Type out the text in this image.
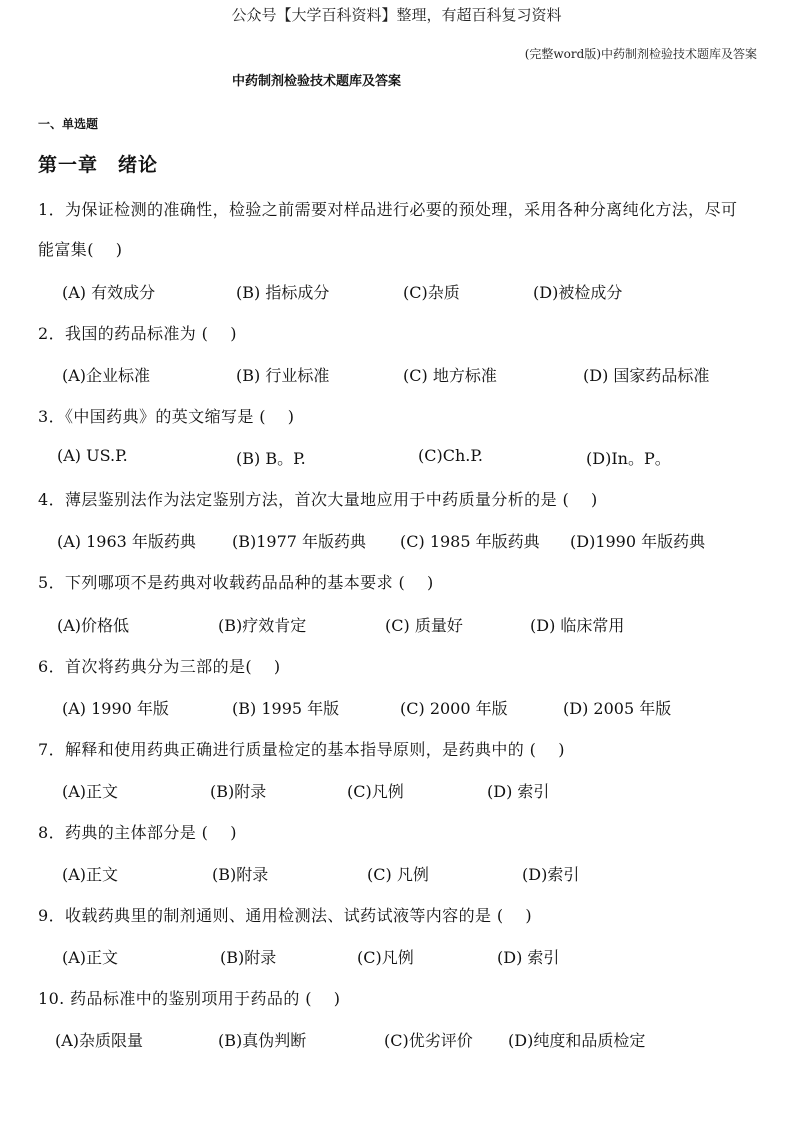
公众号【大学百科资料】整理，有超百科复习资料
(完整word版)中药制剂检验技术题库及答案
中药制剂检验技术题库及答案
一、单选题
第一章　绪论
1．为保证检测的准确性，检验之前需要对样品进行必要的预处理，采用各种分离纯化方法，尽可
能富集(　 )
(A) 有效成分	(B) 指标成分	(C)杂质	(D)被检成分
2．我国的药品标准为 (　 )
(A)企业标准	(B) 行业标准	(C) 地方标准	(D) 国家药品标准
3．《中国药典》的英文缩写是 (　 )
(A) US.P.	(B) B。P.	(C)Ch.P.	(D)In。P。
4．薄层鉴别法作为法定鉴别方法，首次大量地应用于中药质量分析的是 (　 )
(A) 1963 年版药典 (B)1977 年版药典 (C) 1985 年版药典 (D)1990 年版药典
5．下列哪项不是药典对收载药品品种的基本要求 (　 )
(A)价格低	(B)疗效肯定	(C) 质量好	(D) 临床常用
6．首次将药典分为三部的是(　 )
(A) 1990 年版	(B) 1995 年版	(C) 2000 年版	(D) 2005 年版
7．解释和使用药典正确进行质量检定的基本指导原则，是药典中的 (　 )
(A)正文	(B)附录	(C)凡例	(D) 索引
8．药典的主体部分是 (　 )
(A)正文	(B)附录	(C) 凡例	(D)索引
9．收载药典里的制剂通则、通用检测法、试药试液等内容的是 (　 )
(A)正文	(B)附录	(C)凡例	(D) 索引
10. 药品标准中的鉴别项用于药品的 (　 )
(A)杂质限量	(B)真伪判断	(C)优劣评价 (D)纯度和品质检定
